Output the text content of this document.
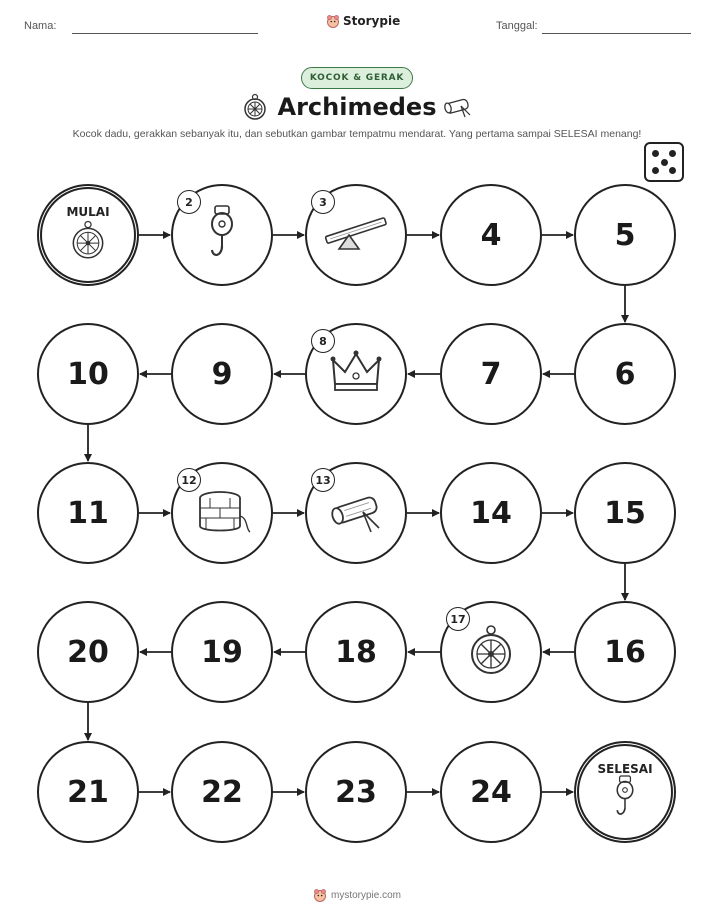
Nama:	Storypie	Tanggal:
KOCOK & GERAK
Archimedes
Kocok dadu, gerakkan sebanyak itu, dan sebutkan gambar tempatmu mendarat. Yang pertama sampai SELESAI menang!
MULAI
2	3
4	5
6
7
8
9
10
11
12	13
14	15
16
17
18
19
20
21	22	23	24
SELESAI
mystorypie.com
